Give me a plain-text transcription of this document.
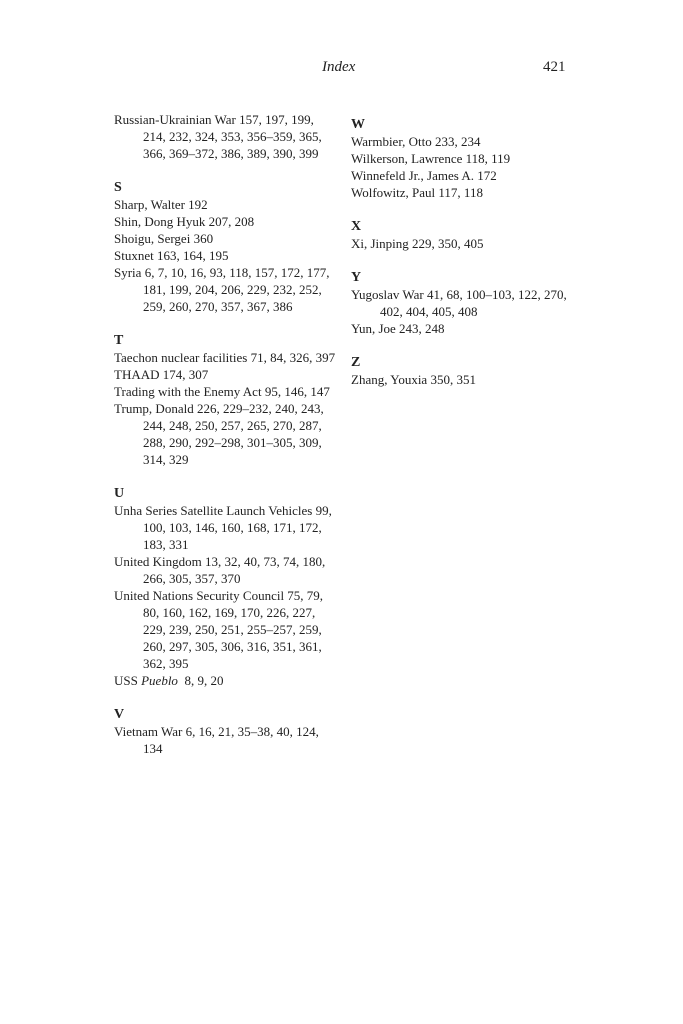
Index	421
Russian-Ukrainian War 157, 197, 199, 214, 232, 324, 353, 356–359, 365, 366, 369–372, 386, 389, 390, 399
S
Sharp, Walter 192
Shin, Dong Hyuk 207, 208
Shoigu, Sergei 360
Stuxnet 163, 164, 195
Syria 6, 7, 10, 16, 93, 118, 157, 172, 177, 181, 199, 204, 206, 229, 232, 252, 259, 260, 270, 357, 367, 386
T
Taechon nuclear facilities 71, 84, 326, 397
THAAD 174, 307
Trading with the Enemy Act 95, 146, 147
Trump, Donald 226, 229–232, 240, 243, 244, 248, 250, 257, 265, 270, 287, 288, 290, 292–298, 301–305, 309, 314, 329
U
Unha Series Satellite Launch Vehicles 99, 100, 103, 146, 160, 168, 171, 172, 183, 331
United Kingdom 13, 32, 40, 73, 74, 180, 266, 305, 357, 370
United Nations Security Council 75, 79, 80, 160, 162, 169, 170, 226, 227, 229, 239, 250, 251, 255–257, 259, 260, 297, 305, 306, 316, 351, 361, 362, 395
USS Pueblo  8, 9, 20
V
Vietnam War 6, 16, 21, 35–38, 40, 124, 134
W
Warmbier, Otto 233, 234
Wilkerson, Lawrence 118, 119
Winnefeld Jr., James A. 172
Wolfowitz, Paul 117, 118
X
Xi, Jinping 229, 350, 405
Y
Yugoslav War 41, 68, 100–103, 122, 270, 402, 404, 405, 408
Yun, Joe 243, 248
Z
Zhang, Youxia 350, 351
